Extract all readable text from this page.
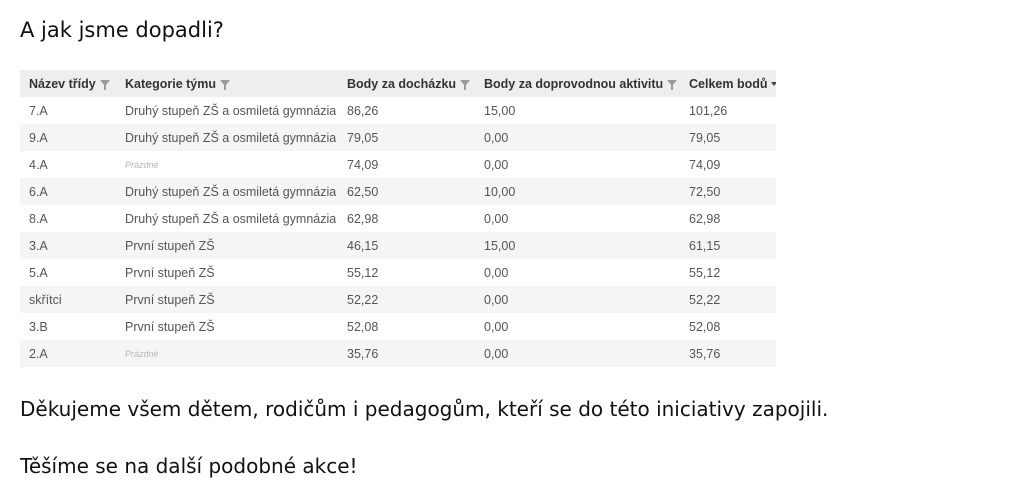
A jak jsme dopadli?
Název třídy	Kategorie týmu	Body za docházku	Body za doprovodnou aktivitu	Celkem bodů
7.A	Druhý stupeň ZŠ a osmiletá gymnázia	86,26	15,00	101,26
9.A	Druhý stupeň ZŠ a osmiletá gymnázia	79,05	0,00	79,05
4.A	Prázdné	74,09	0,00	74,09
6.A	Druhý stupeň ZŠ a osmiletá gymnázia	62,50	10,00	72,50
8.A	Druhý stupeň ZŠ a osmiletá gymnázia	62,98	0,00	62,98
3.A	První stupeň ZŠ	46,15	15,00	61,15
5.A	První stupeň ZŠ	55,12	0,00	55,12
skřítci	První stupeň ZŠ	52,22	0,00	52,22
3.B	První stupeň ZŠ	52,08	0,00	52,08
2.A	Prázdné	35,76	0,00	35,76

Děkujeme všem dětem, rodičům i pedagogům, kteří se do této iniciativy zapojili.

Těšíme se na další podobné akce!
